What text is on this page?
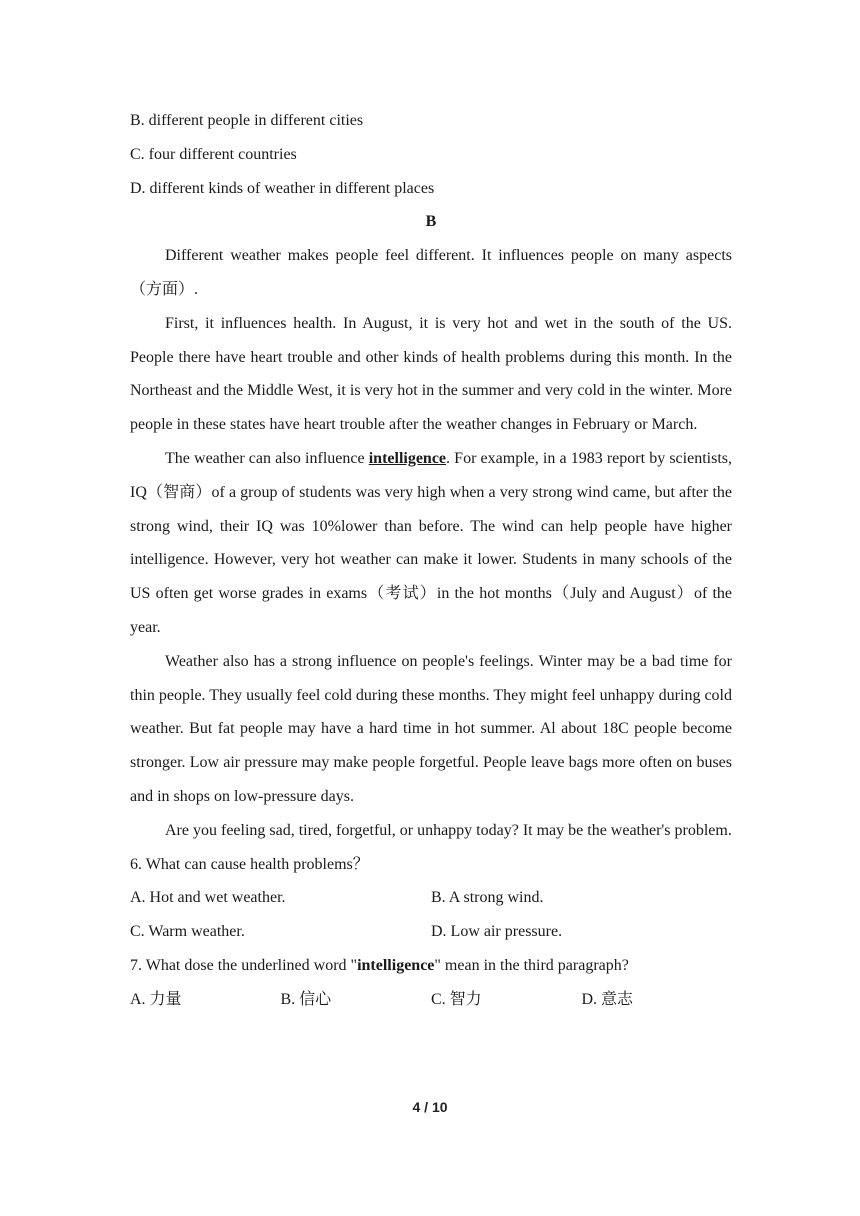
B. different people in different cities

C. four different countries

D. different kinds of weather in different places

B

Different weather makes people feel different. It influences people on many aspects（方面）.

First, it influences health. In August, it is very hot and wet in the south of the US. People there have heart trouble and other kinds of health problems during this month. In the Northeast and the Middle West, it is very hot in the summer and very cold in the winter. More people in these states have heart trouble after the weather changes in February or March.

The weather can also influence intelligence. For example, in a 1983 report by scientists, IQ（智商）of a group of students was very high when a very strong wind came, but after the strong wind, their IQ was 10%lower than before. The wind can help people have higher intelligence. However, very hot weather can make it lower. Students in many schools of the US often get worse grades in exams（考试）in the hot months（July and August）of the year.

Weather also has a strong influence on people's feelings. Winter may be a bad time for thin people. They usually feel cold during these months. They might feel unhappy during cold weather. But fat people may have a hard time in hot summer. Al about 18C people become stronger. Low air pressure may make people forgetful. People leave bags more often on buses and in shops on low-pressure days.

Are you feeling sad, tired, forgetful, or unhappy today? It may be the weather's problem.

6. What can cause health problems？

A. Hot and wet weather.	B. A strong wind.
C. Warm weather.	D. Low air pressure.

7. What dose the underlined word "intelligence" mean in the third paragraph?

A. 力量	B. 信心	C. 智力	D. 意志
4 / 10
